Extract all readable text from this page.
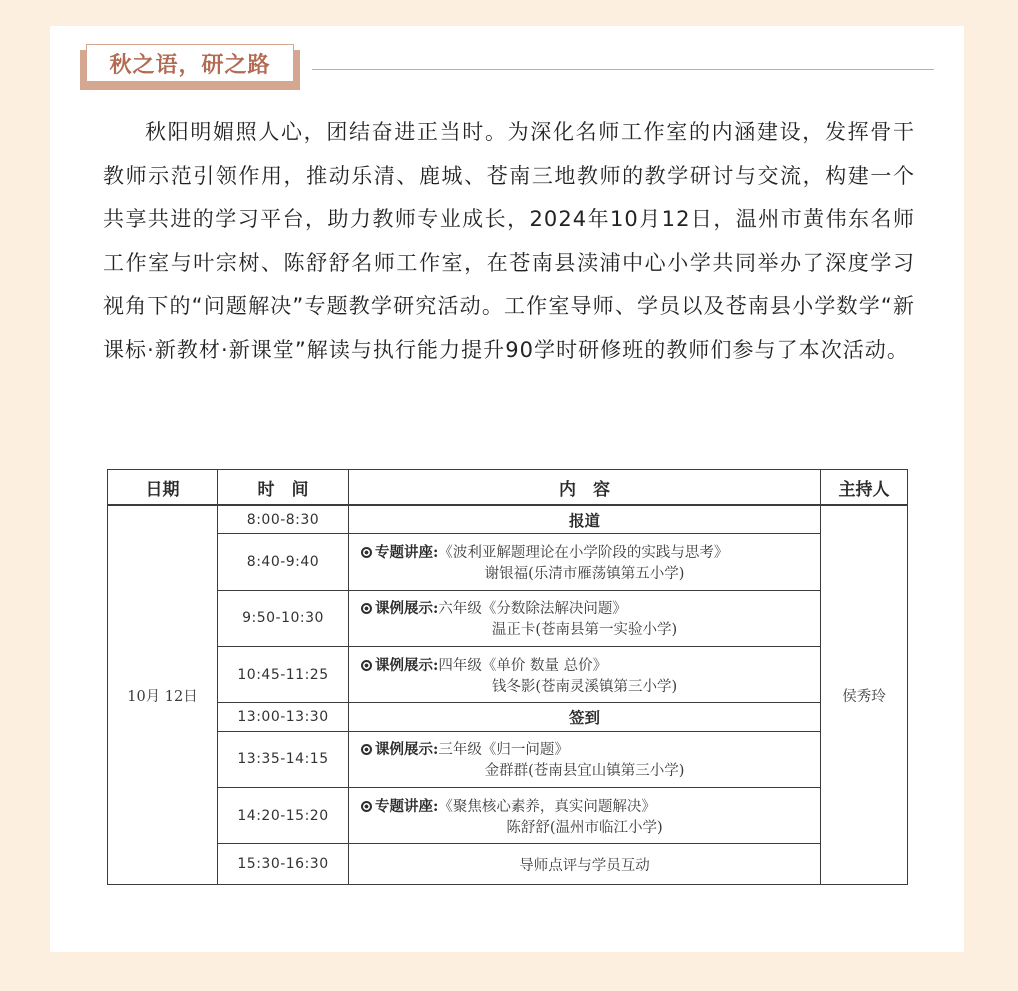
秋之语，研之路

秋阳明媚照人心，团结奋进正当时。为深化名师工作室的内涵建设，发挥骨干教师示范引领作用，推动乐清、鹿城、苍南三地教师的教学研讨与交流，构建一个共享共进的学习平台，助力教师专业成长，2024年10月12日，温州市黄伟东名师工作室与叶宗树、陈舒舒名师工作室，在苍南县渎浦中心小学共同举办了深度学习视角下的“问题解决”专题教学研究活动。工作室导师、学员以及苍南县小学数学“新课标·新教材·新课堂”解读与执行能力提升90学时研修班的教师们参与了本次活动。

日期	时　间	内　容	主持人
10月 12日	8:00-8:30	报道	侯秀玲
	8:40-9:40	专题讲座:《波利亚解题理论在小学阶段的实践与思考》
谢银福(乐清市雁荡镇第五小学)	

	9:50-10:30	课例展示:六年级《分数除法解决问题》
温正卡(苍南县第一实验小学)	

	10:45-11:25	课例展示:四年级《单价 数量 总价》
钱冬影(苍南灵溪镇第三小学)	

	13:00-13:30	签到	
	13:35-14:15	课例展示:三年级《归一问题》
金群群(苍南县宜山镇第三小学)	

	14:20-15:20	专题讲座:《聚焦核心素养，真实问题解决》
陈舒舒(温州市临江小学)	

	15:30-16:30	导师点评与学员互动	
